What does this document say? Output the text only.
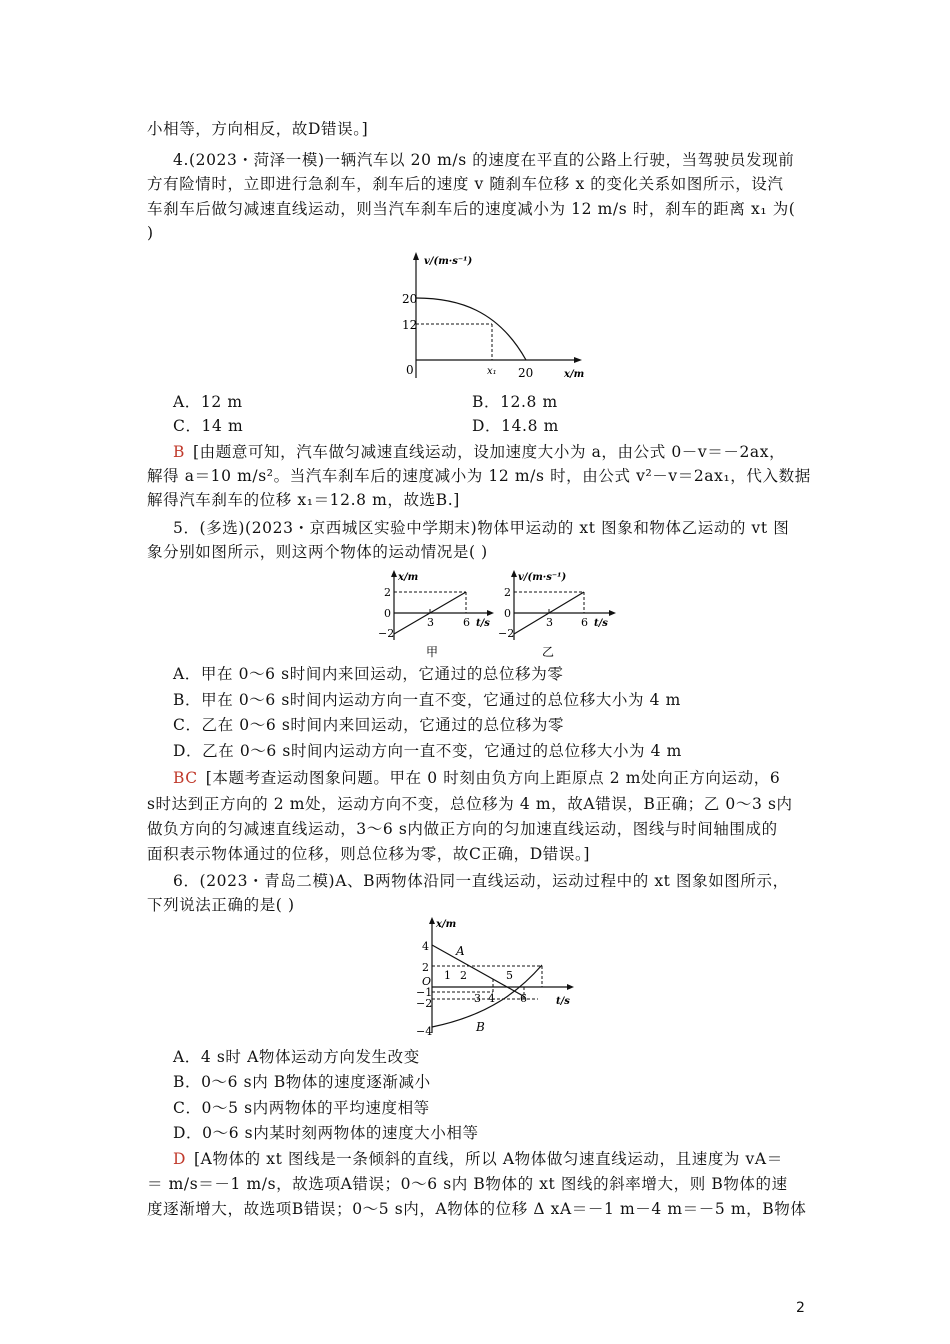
小相等，方向相反，故D错误。]
4.(2023・菏泽一模)一辆汽车以 20 m/s 的速度在平直的公路上行驶，当驾驶员发现前
方有险情时，立即进行急刹车，刹车后的速度 v 随刹车位移 x 的变化关系如图所示，设汽
车刹车后做匀减速直线运动，则当汽车刹车后的速度减小为 12 m/s 时，刹车的距离 x₁ 为(
)
v/(m·s⁻¹)
20
12
0	x₁ 20	x/m
A．12 m	B．12.8 m
C．14 m	D．14.8 m
B [由题意可知，汽车做匀减速直线运动，设加速度大小为 a，由公式 0－v＝－2ax，
解得 a＝10 m/s²。当汽车刹车后的速度减小为 12 m/s 时，由公式 v²－v＝2ax₁，代入数据
解得汽车刹车的位移 x₁＝12.8 m，故选B.]
5．(多选)(2023・京西城区实验中学期末)物体甲运动的 xt 图象和物体乙运动的 vt 图
象分别如图所示，则这两个物体的运动情况是( )
x/m
2
0
−2
3	6 t/s
甲
v/(m·s⁻¹)
2
0
−2
3	6 t/s
乙
A．甲在 0～6 s时间内来回运动，它通过的总位移为零
B．甲在 0～6 s时间内运动方向一直不变，它通过的总位移大小为 4 m
C．乙在 0～6 s时间内来回运动，它通过的总位移为零
D．乙在 0～6 s时间内运动方向一直不变，它通过的总位移大小为 4 m
BC [本题考查运动图象问题。甲在 0 时刻由负方向上距原点 2 m处向正方向运动，6
s时达到正方向的 2 m处，运动方向不变，总位移为 4 m，故A错误，B正确；乙 0～3 s内
做负方向的匀减速直线运动，3～6 s内做正方向的匀加速直线运动，图线与时间轴围成的
面积表示物体通过的位移，则总位移为零，故C正确，D错误。]
6．(2023・青岛二模)A、B两物体沿同一直线运动，运动过程中的 xt 图象如图所示，
下列说法正确的是( )
x/m
4
2
O
−1
−2
−4
1 2
3 4
5
6
A
B
t/s
A．4 s时 A物体运动方向发生改变
B．0～6 s内 B物体的速度逐渐减小
C．0～5 s内两物体的平均速度相等
D．0～6 s内某时刻两物体的速度大小相等
D [A物体的 xt 图线是一条倾斜的直线，所以 A物体做匀速直线运动，且速度为 vA＝
＝ m/s＝－1 m/s，故选项A错误；0～6 s内 B物体的 xt 图线的斜率增大，则 B物体的速
度逐渐增大，故选项B错误；0～5 s内，A物体的位移 Δ xA＝－1 m－4 m＝－5 m，B物体
2
